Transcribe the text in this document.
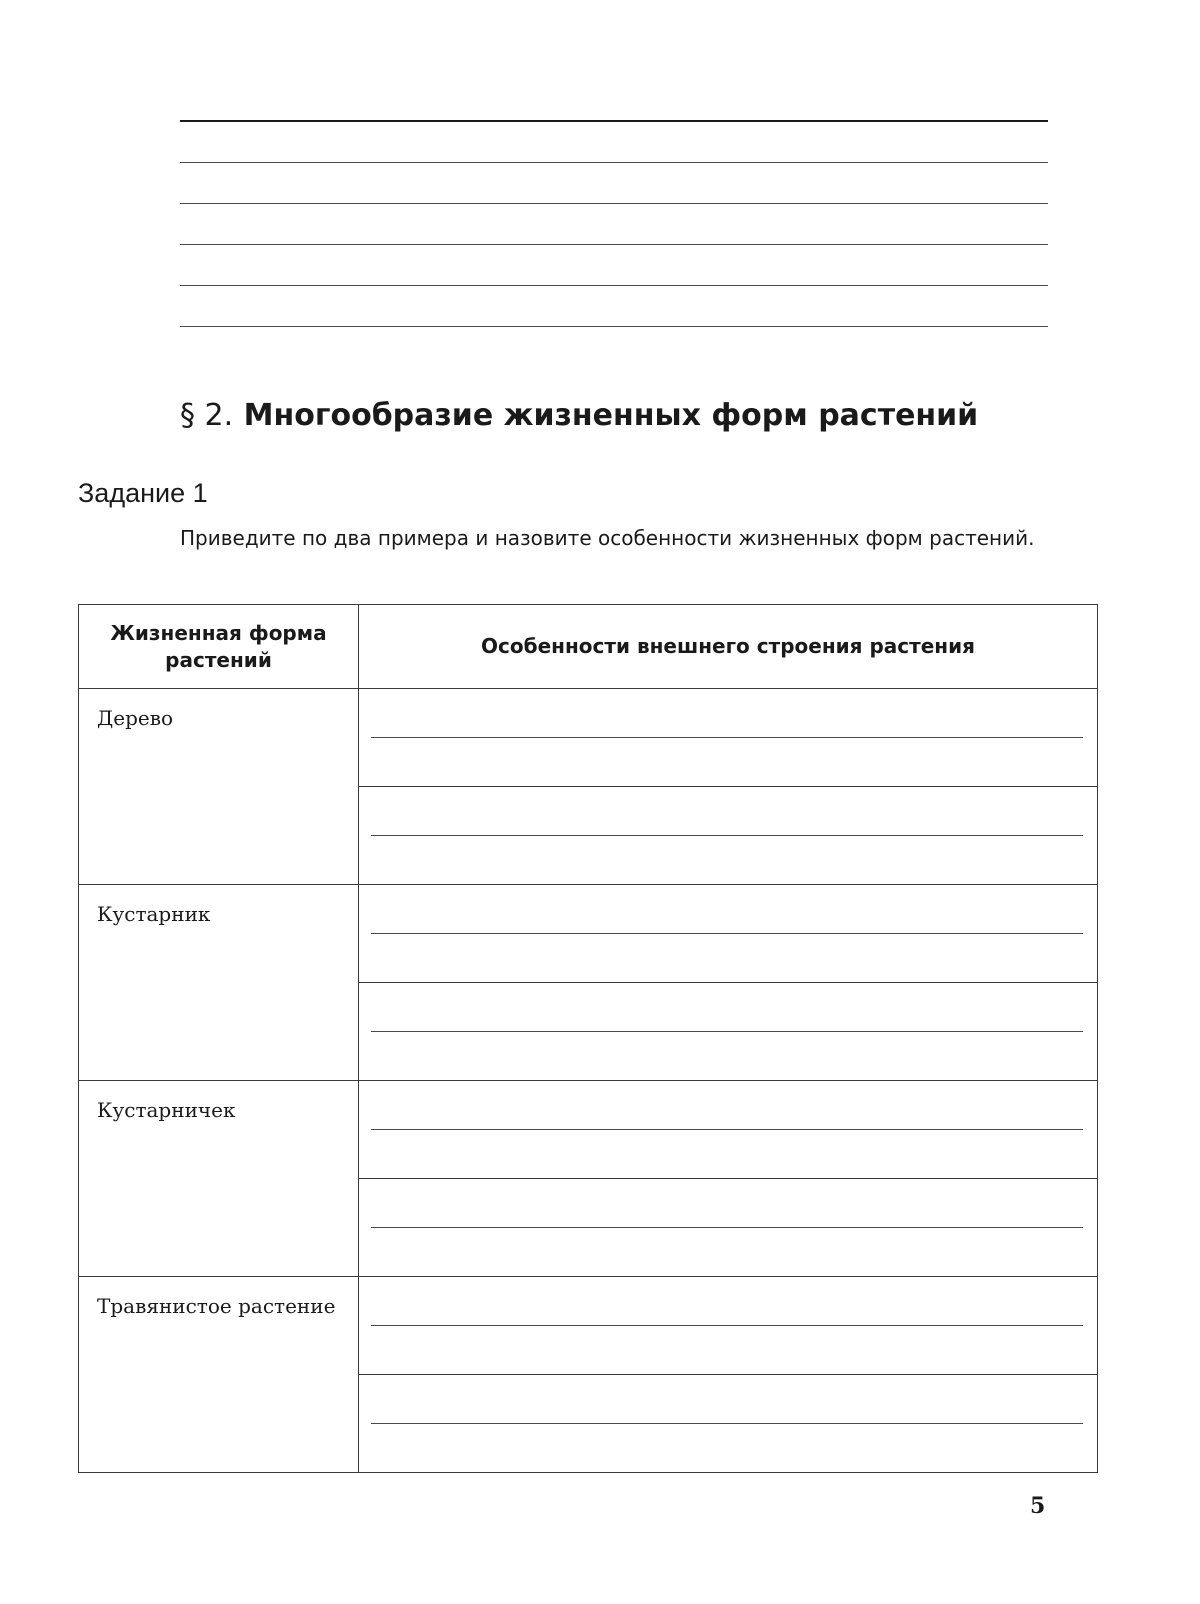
§ 2. Многообразие жизненных форм растений
Задание 1

Приведите по два примера и назовите особенности жизненных форм растений.

Жизненная форма растений	Особенности внешнего строения растения
Дерево	

Кустарник	

Кустарничек	

Травянистое растение	

5
